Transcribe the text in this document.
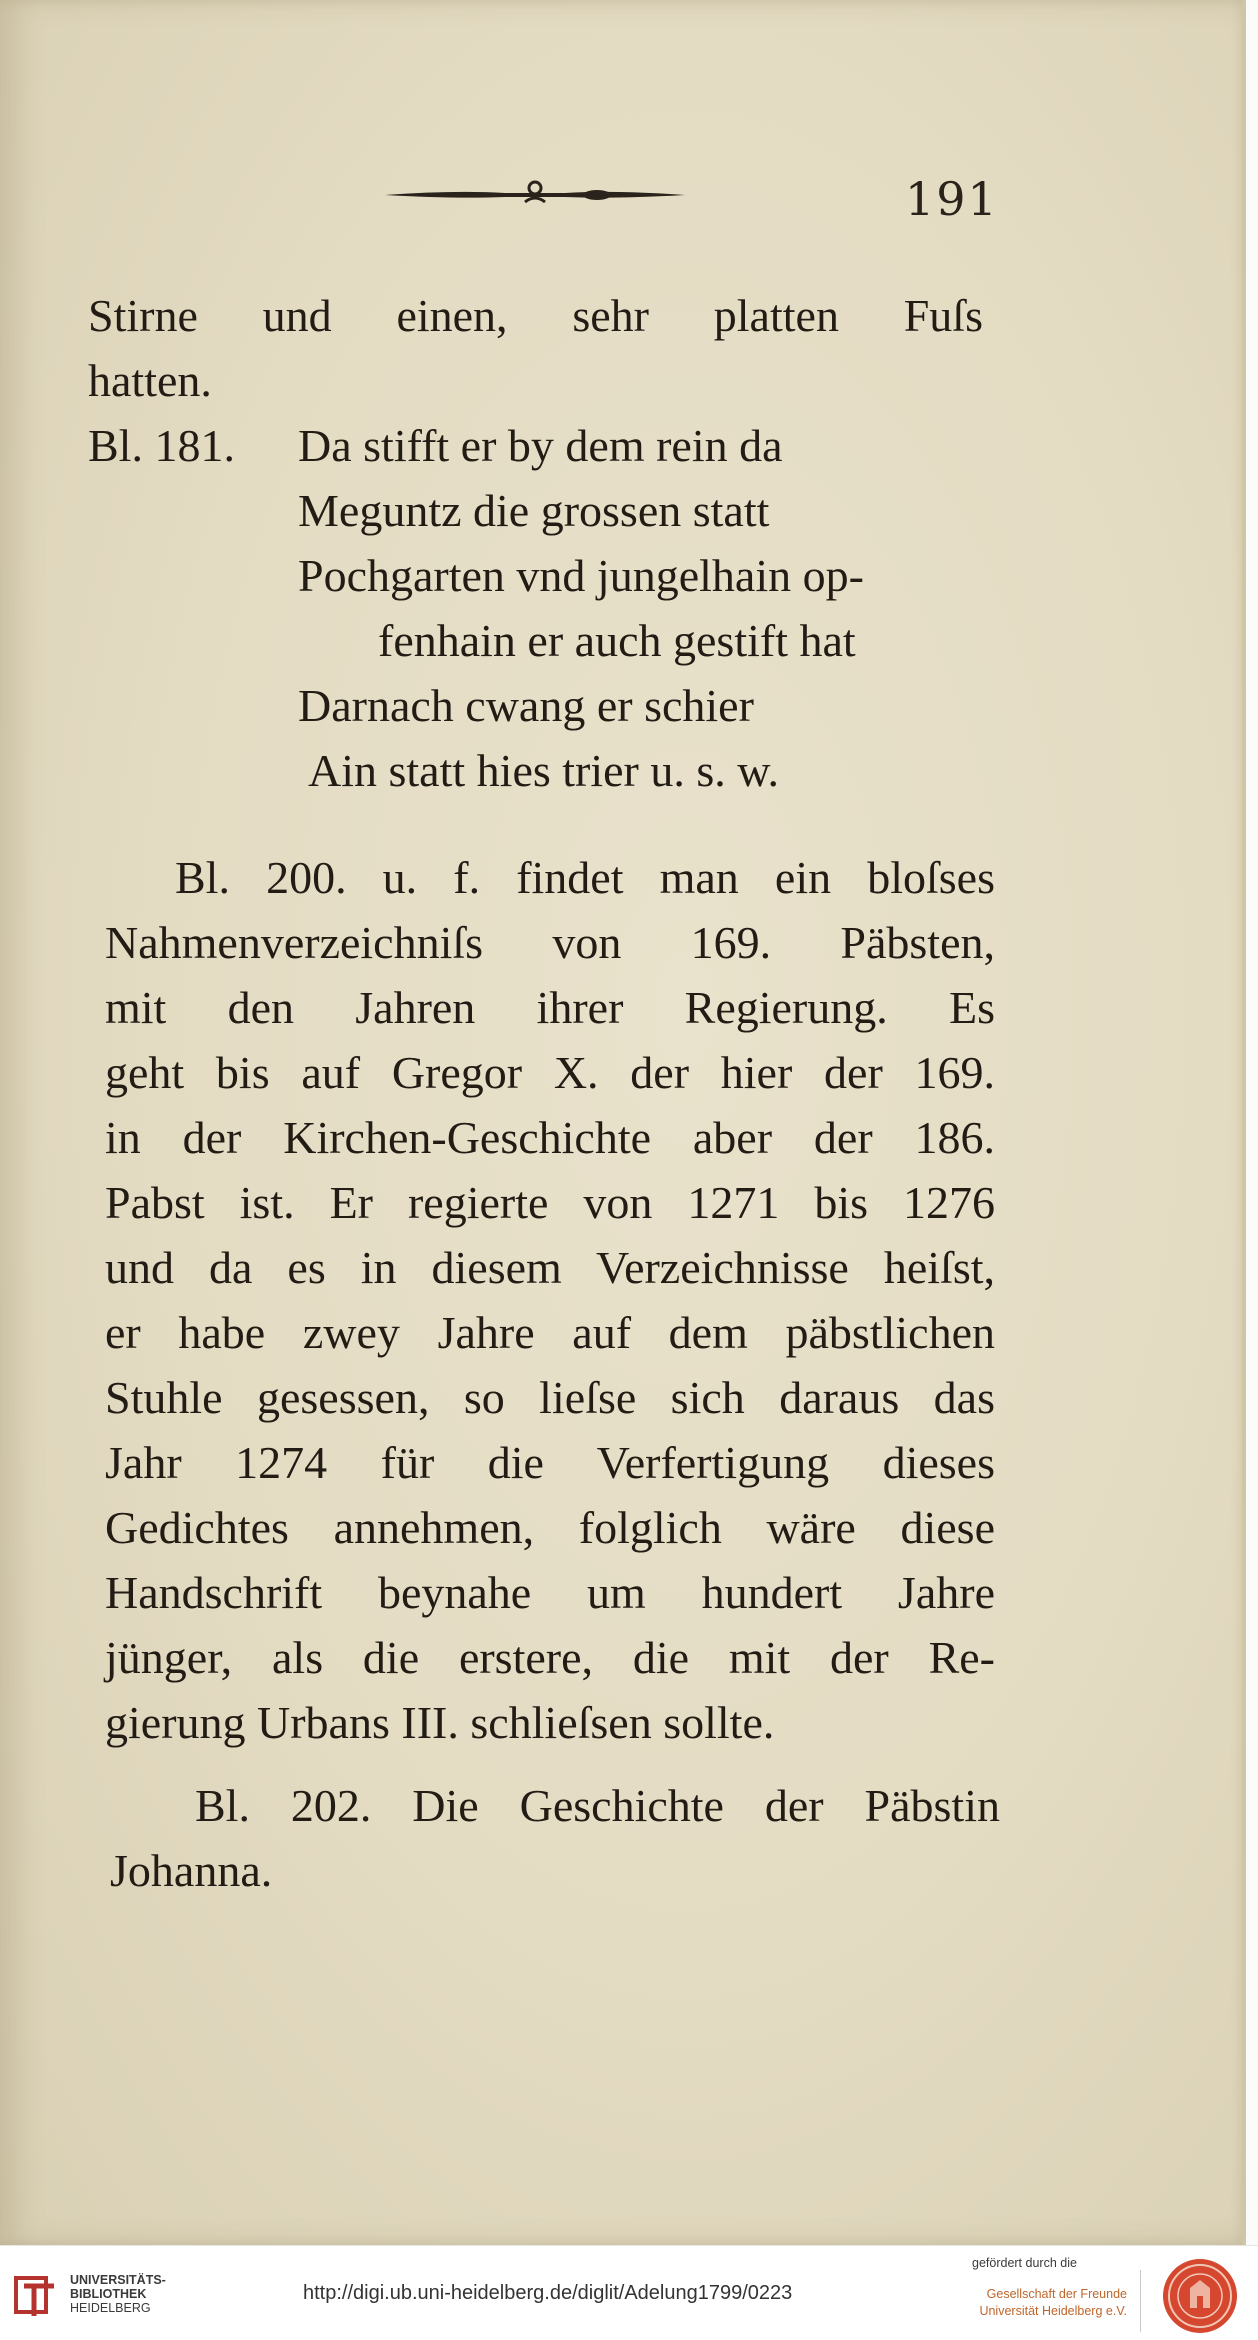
191
Stirne und einen, sehr platten Fuſs
hatten.
Bl. 181.	Da stifft er by dem rein da
Meguntz die grossen statt
Pochgarten vnd jungelhain op-
fenhain er auch gestift hat
Darnach cwang er schier
Ain statt hies trier u. s. w.
Bl. 200. u. f. findet man ein bloſses
Nahmenverzeichniſs von 169. Päbsten,
mit den Jahren ihrer Regierung. Es
geht bis auf Gregor X. der hier der 169.
in der Kirchen-Geschichte aber der 186.
Pabst ist. Er regierte von 1271 bis 1276
und da es in diesem Verzeichnisse heiſst,
er habe zwey Jahre auf dem päbstlichen
Stuhle gesessen, so lieſse sich daraus das
Jahr 1274 für die Verfertigung dieses
Gedichtes annehmen, folglich wäre diese
Handschrift beynahe um hundert Jahre
jünger, als die erstere, die mit der Re-
gierung Urbans III. schlieſsen sollte.
Bl. 202. Die Geschichte der Päbstin
Johanna.
UNIVERSITÄTS-
BIBLIOTHEK
HEIDELBERG
http://digi.ub.uni-heidelberg.de/diglit/Adelung1799/0223
gefördert durch die
Gesellschaft der Freunde
Universität Heidelberg e.V.
